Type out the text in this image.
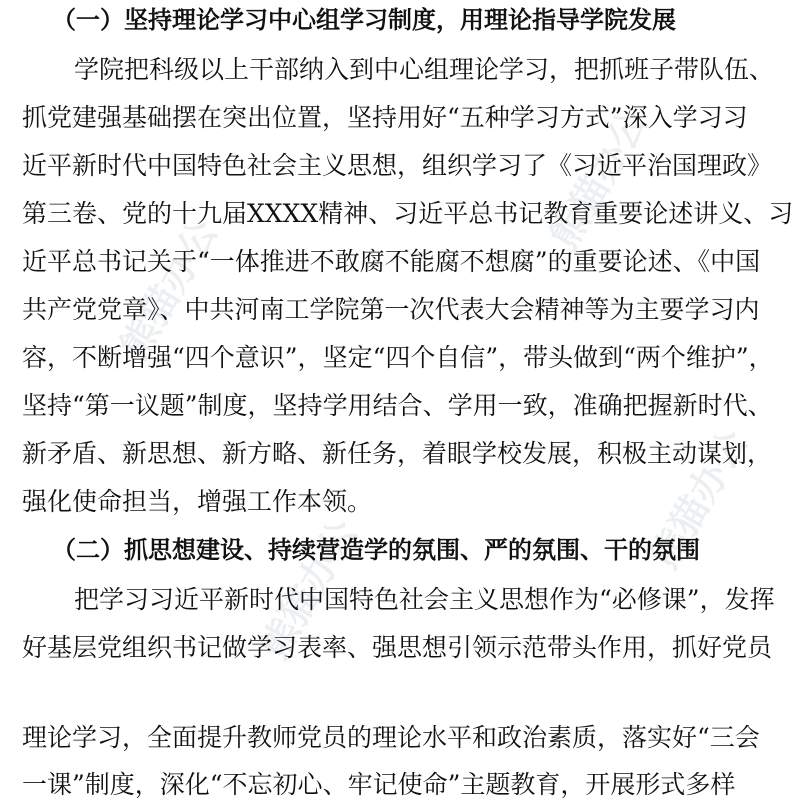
熊猫办公
熊猫办公
熊猫办公
熊猫办公
（一）坚持理论学习中心组学习制度，用理论指导学院发展
学院把科级以上干部纳入到中心组理论学习，把抓班子带队伍、
抓党建强基础摆在突出位置，坚持用好“五种学习方式”深入学习习
近平新时代中国特色社会主义思想，组织学习了《习近平治国理政》
第三卷、党的十九届XXXX精神、习近平总书记教育重要论述讲义、习
近平总书记关于“一体推进不敢腐不能腐不想腐”的重要论述、《中国
共产党党章》、中共河南工学院第一次代表大会精神等为主要学习内
容，不断增强“四个意识”，坚定“四个自信”，带头做到“两个维护”，
坚持“第一议题”制度，坚持学用结合、学用一致，准确把握新时代、
新矛盾、新思想、新方略、新任务，着眼学校发展，积极主动谋划，
强化使命担当，增强工作本领。
（二）抓思想建设、持续营造学的氛围、严的氛围、干的氛围
把学习习近平新时代中国特色社会主义思想作为“必修课”，发挥
好基层党组织书记做学习表率、强思想引领示范带头作用，抓好党员
理论学习，全面提升教师党员的理论水平和政治素质，落实好“三会
一课”制度，深化“不忘初心、牢记使命”主题教育，开展形式多样
